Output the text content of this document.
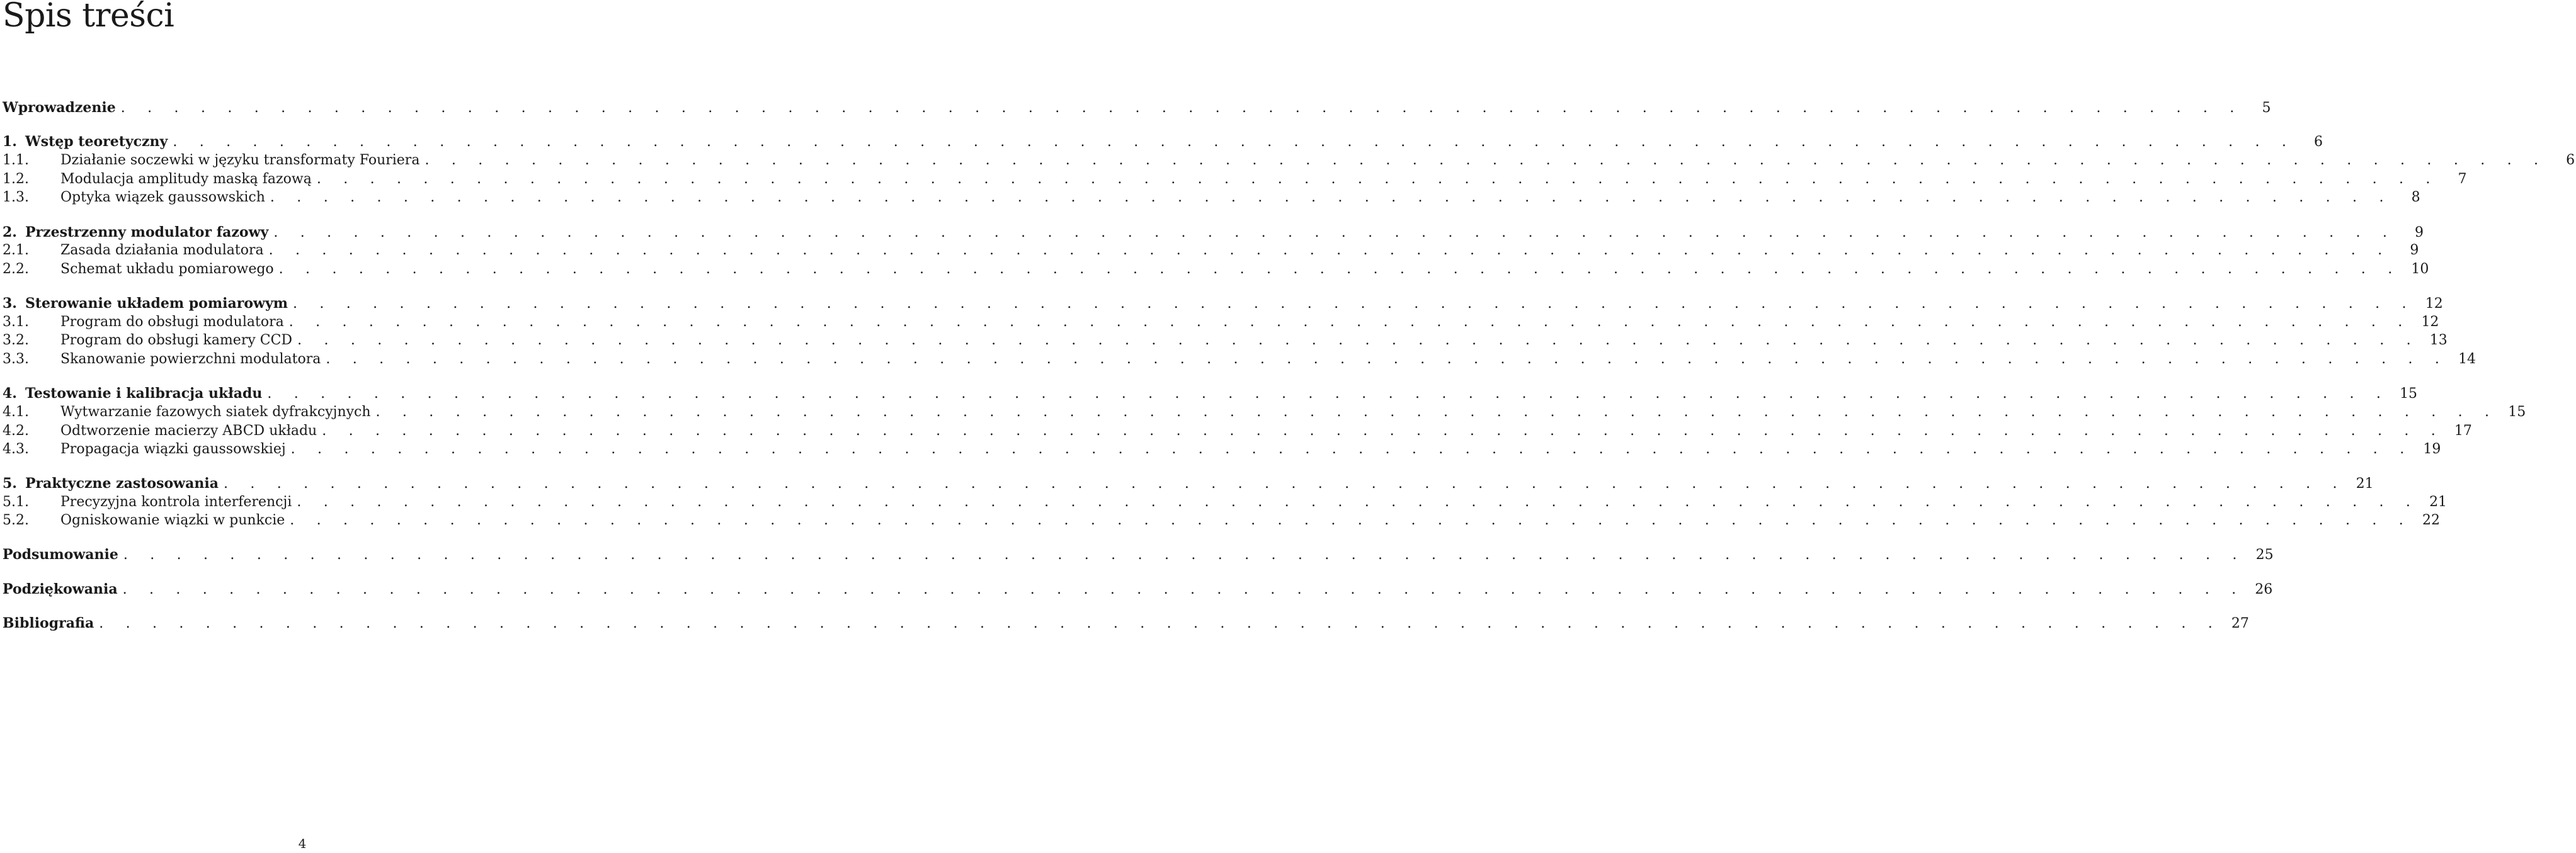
Spis treści
Wprowadzenie . . . . . . . . . . . . . . . . . . . . . . . . . . . . . . . . . . . . . . . . . . . . . . . . . . . . . . . . . . . . . . . . . . . . . . . . . . . . . . . .	5
1. Wstęp teoretyczny . . . . . . . . . . . . . . . . . . . . . . . . . . . . . . . . . . . . . . . . . . . . . . . . . . . . . . . . . . . . . . . . . . . . . . . . . . . . . . . .	6
1.1.	Działanie soczewki w języku transformaty Fouriera . . . . . . . . . . . . . . . . . . . . . . . . . . . . . . . . . . . . . . . . . . . . . . . . . . . . . . . . . . . . . . . . . . . . . . . . . . . . . . . .	6
1.2.	Modulacja amplitudy maską fazową . . . . . . . . . . . . . . . . . . . . . . . . . . . . . . . . . . . . . . . . . . . . . . . . . . . . . . . . . . . . . . . . . . . . . . . . . . . . . . . .	7
1.3.	Optyka wiązek gaussowskich . . . . . . . . . . . . . . . . . . . . . . . . . . . . . . . . . . . . . . . . . . . . . . . . . . . . . . . . . . . . . . . . . . . . . . . . . . . . . . . .	8
2. Przestrzenny modulator fazowy . . . . . . . . . . . . . . . . . . . . . . . . . . . . . . . . . . . . . . . . . . . . . . . . . . . . . . . . . . . . . . . . . . . . . . . . . . . . . . . .	9
2.1.	Zasada działania modulatora . . . . . . . . . . . . . . . . . . . . . . . . . . . . . . . . . . . . . . . . . . . . . . . . . . . . . . . . . . . . . . . . . . . . . . . . . . . . . . . .	9
2.2.	Schemat układu pomiarowego . . . . . . . . . . . . . . . . . . . . . . . . . . . . . . . . . . . . . . . . . . . . . . . . . . . . . . . . . . . . . . . . . . . . . . . . . . . . . . . . 10
3. Sterowanie układem pomiarowym . . . . . . . . . . . . . . . . . . . . . . . . . . . . . . . . . . . . . . . . . . . . . . . . . . . . . . . . . . . . . . . . . . . . . . . . . . . . . . . . 12
3.1.	Program do obsługi modulatora . . . . . . . . . . . . . . . . . . . . . . . . . . . . . . . . . . . . . . . . . . . . . . . . . . . . . . . . . . . . . . . . . . . . . . . . . . . . . . . . 12
3.2.	Program do obsługi kamery CCD . . . . . . . . . . . . . . . . . . . . . . . . . . . . . . . . . . . . . . . . . . . . . . . . . . . . . . . . . . . . . . . . . . . . . . . . . . . . . . . . 13
3.3.	Skanowanie powierzchni modulatora . . . . . . . . . . . . . . . . . . . . . . . . . . . . . . . . . . . . . . . . . . . . . . . . . . . . . . . . . . . . . . . . . . . . . . . . . . . . . . . . 14
4. Testowanie i kalibracja układu . . . . . . . . . . . . . . . . . . . . . . . . . . . . . . . . . . . . . . . . . . . . . . . . . . . . . . . . . . . . . . . . . . . . . . . . . . . . . . . . 15
4.1.	Wytwarzanie fazowych siatek dyfrakcyjnych . . . . . . . . . . . . . . . . . . . . . . . . . . . . . . . . . . . . . . . . . . . . . . . . . . . . . . . . . . . . . . . . . . . . . . . . . . . . . . . . 15
4.2.	Odtworzenie macierzy ABCD układu . . . . . . . . . . . . . . . . . . . . . . . . . . . . . . . . . . . . . . . . . . . . . . . . . . . . . . . . . . . . . . . . . . . . . . . . . . . . . . . . 17
4.3.	Propagacja wiązki gaussowskiej . . . . . . . . . . . . . . . . . . . . . . . . . . . . . . . . . . . . . . . . . . . . . . . . . . . . . . . . . . . . . . . . . . . . . . . . . . . . . . . . 19
5. Praktyczne zastosowania . . . . . . . . . . . . . . . . . . . . . . . . . . . . . . . . . . . . . . . . . . . . . . . . . . . . . . . . . . . . . . . . . . . . . . . . . . . . . . . . 21
5.1.	Precyzyjna kontrola interferencji . . . . . . . . . . . . . . . . . . . . . . . . . . . . . . . . . . . . . . . . . . . . . . . . . . . . . . . . . . . . . . . . . . . . . . . . . . . . . . . . 21
5.2.	Ogniskowanie wiązki w punkcie . . . . . . . . . . . . . . . . . . . . . . . . . . . . . . . . . . . . . . . . . . . . . . . . . . . . . . . . . . . . . . . . . . . . . . . . . . . . . . . . 22
Podsumowanie . . . . . . . . . . . . . . . . . . . . . . . . . . . . . . . . . . . . . . . . . . . . . . . . . . . . . . . . . . . . . . . . . . . . . . . . . . . . . . . . 25
Podziękowania . . . . . . . . . . . . . . . . . . . . . . . . . . . . . . . . . . . . . . . . . . . . . . . . . . . . . . . . . . . . . . . . . . . . . . . . . . . . . . . . 26
Bibliografia . . . . . . . . . . . . . . . . . . . . . . . . . . . . . . . . . . . . . . . . . . . . . . . . . . . . . . . . . . . . . . . . . . . . . . . . . . . . . . . . 27
4
